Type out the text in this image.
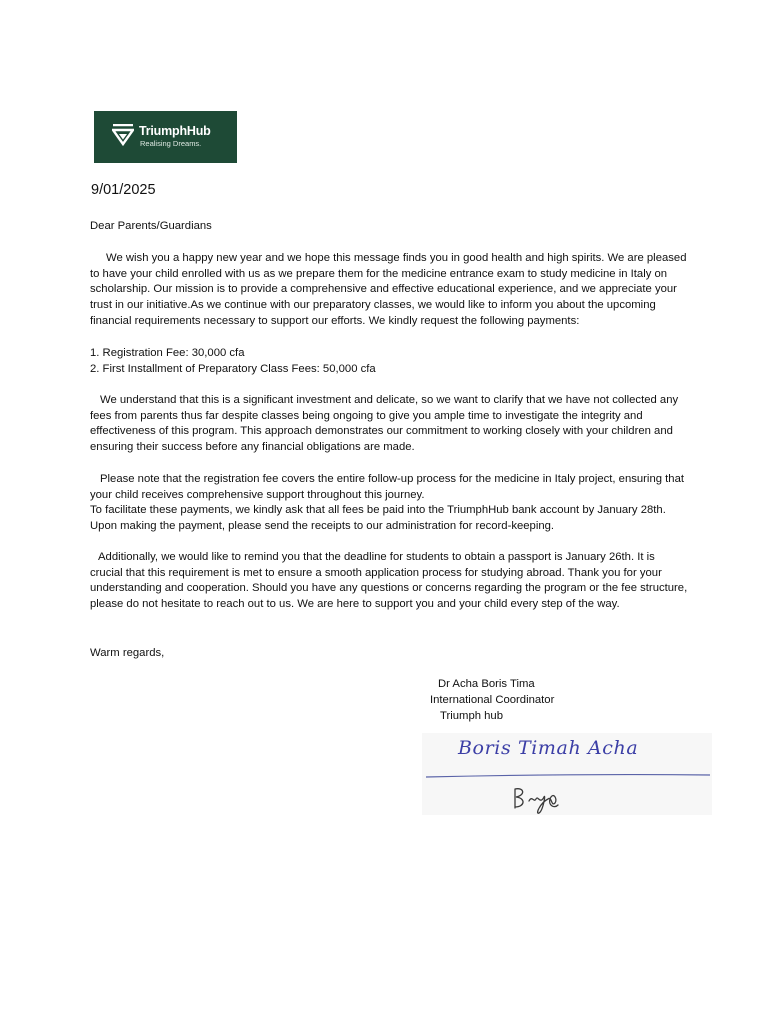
TriumphHub
Realising Dreams.
9/01/2025
Dear Parents/Guardians
We wish you a happy new year and we hope this message finds you in good health and high spirits. We are pleased to have your child enrolled with us as we prepare them for the medicine entrance exam to study medicine in Italy on scholarship. Our mission is to provide a comprehensive and effective educational experience, and we appreciate your trust in our initiative.As we continue with our preparatory classes, we would like to inform you about the upcoming financial requirements necessary to support our efforts. We kindly request the following payments:
1. Registration Fee: 30,000 cfa
2. First Installment of Preparatory Class Fees: 50,000 cfa
We understand that this is a significant investment and delicate, so we want to clarify that we have not collected any fees from parents thus far despite classes being ongoing to give you ample time to investigate the integrity and effectiveness of this program. This approach demonstrates our commitment to working closely with your children and ensuring their success before any financial obligations are made.
Please note that the registration fee covers the entire follow-up process for the medicine in Italy project, ensuring that your child receives comprehensive support throughout this journey.
To facilitate these payments, we kindly ask that all fees be paid into the TriumphHub bank account by January 28th. Upon making the payment, please send the receipts to our administration for record-keeping.
Additionally, we would like to remind you that the deadline for students to obtain a passport is January 26th. It is crucial that this requirement is met to ensure a smooth application process for studying abroad. Thank you for your understanding and cooperation. Should you have any questions or concerns regarding the program or the fee structure, please do not hesitate to reach out to us. We are here to support you and your child every step of the way.
Warm regards,
Dr Acha Boris Tima
International Coordinator
Triumph hub
Boris Timah Acha
